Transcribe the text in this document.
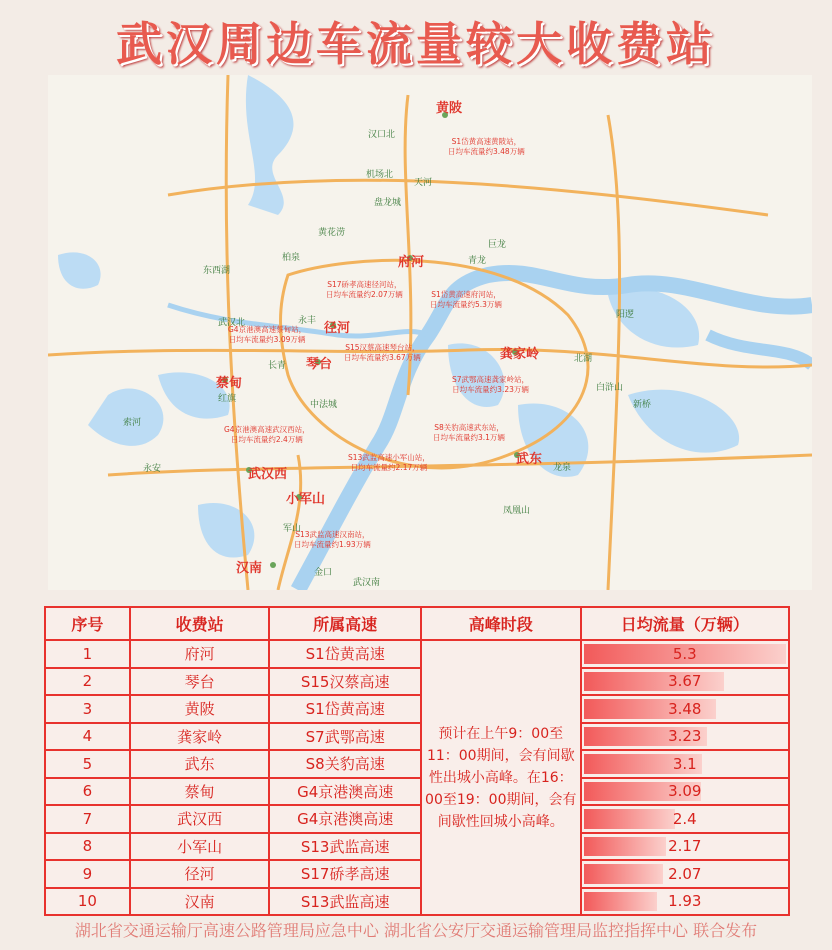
武汉周边车流量较大收费站
汉口北
机场北
黄花涝
柏泉
东西湖
武汉北	永丰
长青
中法城
天河
盘龙城
巨龙
青龙
阳逻
北湖
白浒山
新桥
金口
军山
永安
索河
红旗
龙泉
武汉南
凤凰山
黄陂
府河
径河
琴台
蔡甸
龚家岭
武东
武汉西
小军山
汉南
S1岱黄高速黄陂站，
日均车流量约3.48万辆
S1岱黄高速府河站，
日均车流量约5.3万辆
S17硚孝高速径河站，
日均车流量约2.07万辆
S15汉蔡高速琴台站，
日均车流量约3.67万辆
G4京港澳高速蔡甸站，
日均车流量约3.09万辆
S7武鄂高速龚家岭站，
日均车流量约3.23万辆
S8关豹高速武东站，
日均车流量约3.1万辆
G4京港澳高速武汉西站，
日均车流量约2.4万辆
S13武监高速小军山站，
日均车流量约2.17万辆
S13武监高速汉南站，
日均车流量约1.93万辆
序号	收费站	所属高速	高峰时段	日均流量（万辆）
1	府河	S1岱黄高速	预计在上午9：00至11：00期间，会有间歇性出城小高峰。在16：00至19：00期间，会有间歇性回城小高峰。	5.3
2	琴台	S15汉蔡高速		3.67
3	黄陂	S1岱黄高速		3.48
4	龚家岭	S7武鄂高速		3.23
5	武东	S8关豹高速		3.1
6	蔡甸	G4京港澳高速		3.09
7	武汉西	G4京港澳高速		2.4
8	小军山	S13武监高速		2.17
9	径河	S17硚孝高速		2.07
10	汉南	S13武监高速		1.93
湖北省交通运输厅高速公路管理局应急中心 湖北省公安厅交通运输管理局监控指挥中心 联合发布
